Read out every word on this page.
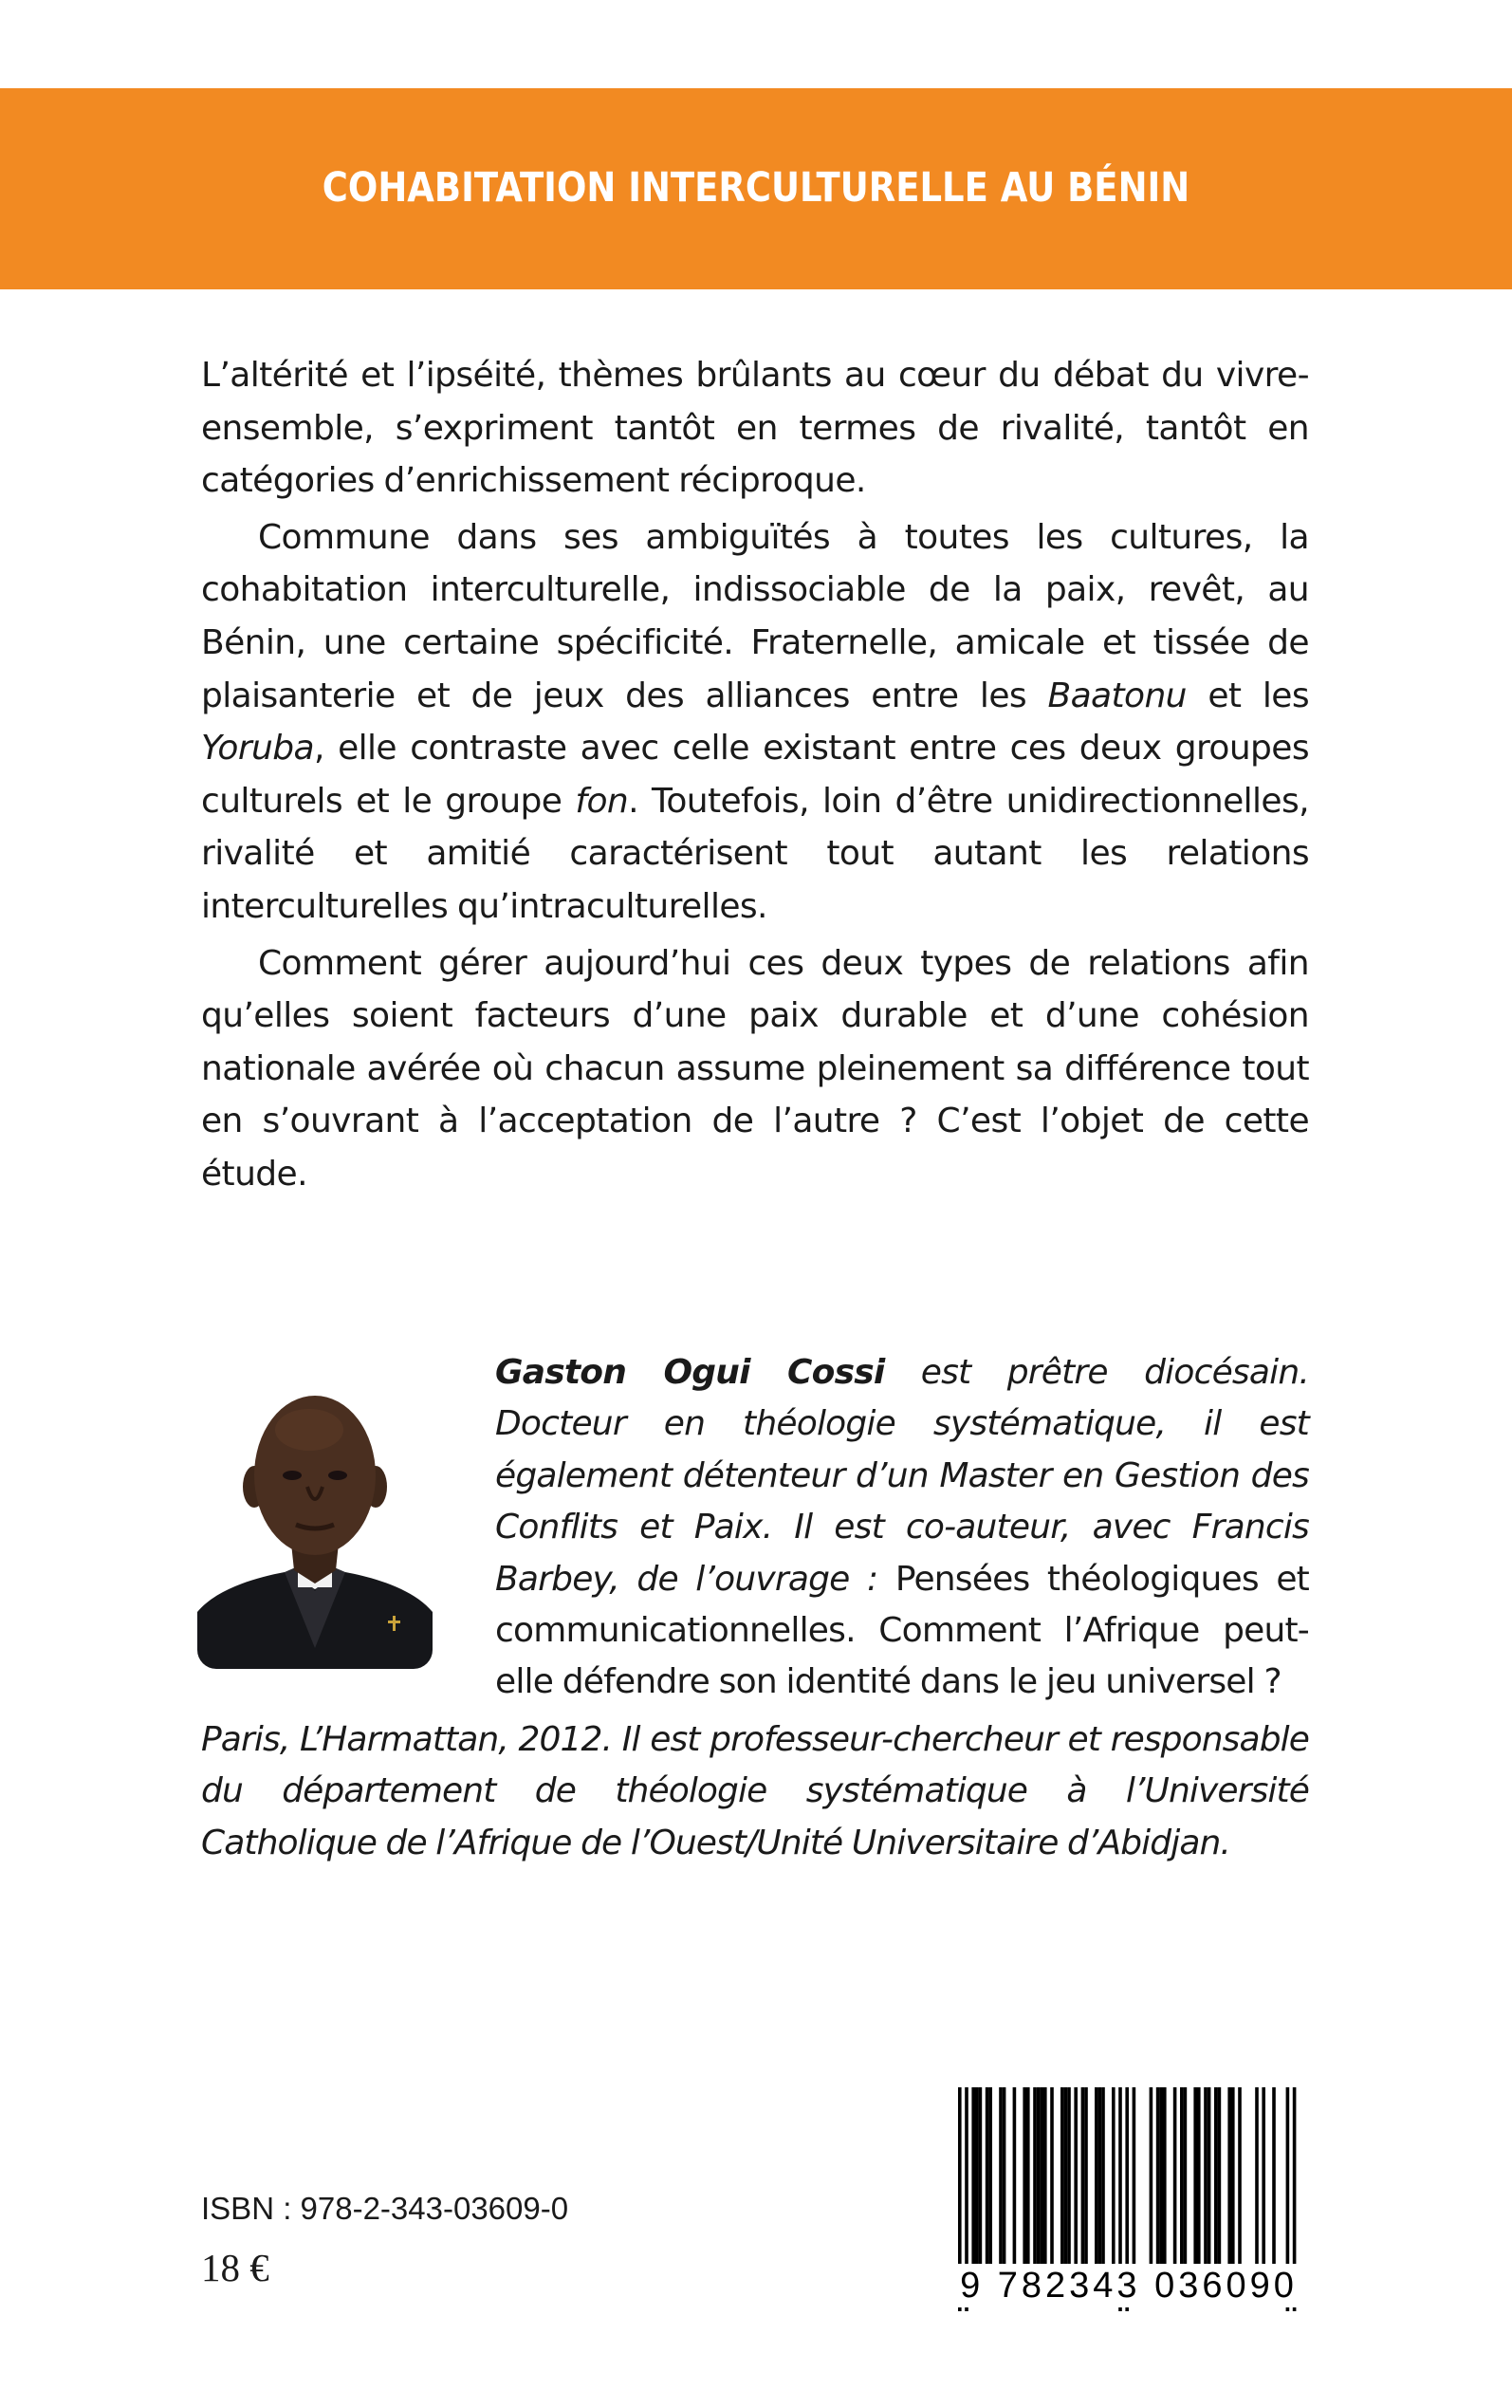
COHABITATION INTERCULTURELLE AU BÉNIN

L’altérité et l’ipséité, thèmes brûlants au cœur du débat du vivre-ensemble, s’expriment tantôt en termes de rivalité, tantôt en catégories d’enrichissement réciproque.

Commune dans ses ambiguïtés à toutes les cultures, la cohabitation interculturelle, indissociable de la paix, revêt, au Bénin, une certaine spécificité. Fraternelle, amicale et tissée de plaisanterie et de jeux des alliances entre les Baatonu et les Yoruba, elle contraste avec celle existant entre ces deux groupes culturels et le groupe fon. Toutefois, loin d’être unidirectionnelles, rivalité et amitié caractérisent tout autant les relations interculturelles qu’intraculturelles.

Comment gérer aujourd’hui ces deux types de relations afin qu’elles soient facteurs d’une paix durable et d’une cohésion nationale avérée où chacun assume pleinement sa différence tout en s’ouvrant à l’acceptation de l’autre ? C’est l’objet de cette étude.

Gaston Ogui Cossi est prêtre diocésain. Docteur en théologie systématique, il est également détenteur d’un Master en Gestion des Conflits et Paix. Il est co-auteur, avec Francis Barbey, de l’ouvrage : Pensées théologiques et communicationnelles. Comment l’Afrique peut-elle défendre son identité dans le jeu universel ?

Paris, L’Harmattan, 2012. Il est professeur-chercheur et responsable du département de théologie systématique à l’Université Catholique de l’Afrique de l’Ouest/Unité Universitaire d’Abidjan.

ISBN : 978-2-343-03609-0
18 €	9 782343 036090
